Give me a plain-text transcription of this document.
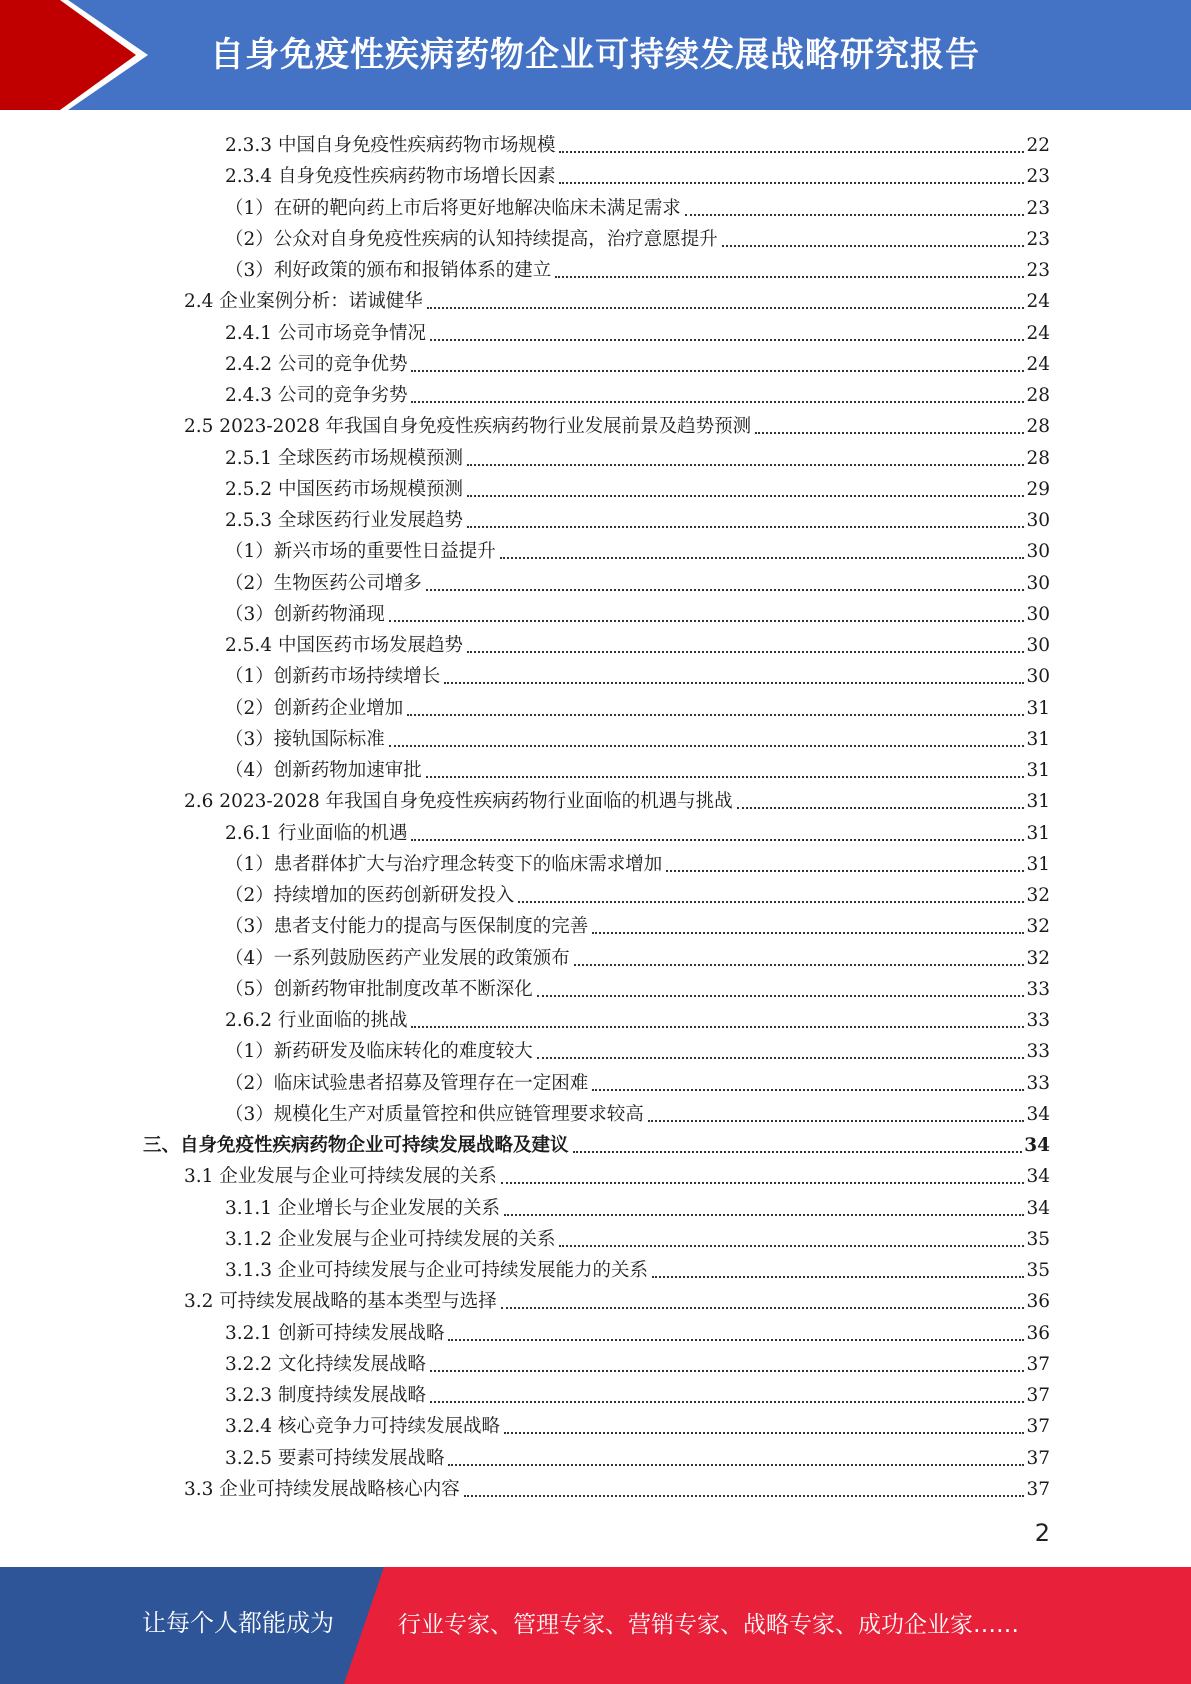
自身免疫性疾病药物企业可持续发展战略研究报告
2.3.3 中国自身免疫性疾病药物市场规模	22
2.3.4 自身免疫性疾病药物市场增长因素	23
（1）在研的靶向药上市后将更好地解决临床未满足需求	23
（2）公众对自身免疫性疾病的认知持续提高，治疗意愿提升	23
（3）利好政策的颁布和报销体系的建立	23
2.4 企业案例分析：诺诚健华	24
2.4.1 公司市场竞争情况	24
2.4.2 公司的竞争优势	24
2.4.3 公司的竞争劣势	28
2.5 2023-2028 年我国自身免疫性疾病药物行业发展前景及趋势预测	28
2.5.1 全球医药市场规模预测	28
2.5.2 中国医药市场规模预测	29
2.5.3 全球医药行业发展趋势	30
（1）新兴市场的重要性日益提升	30
（2）生物医药公司增多	30
（3）创新药物涌现	30
2.5.4 中国医药市场发展趋势	30
（1）创新药市场持续增长	30
（2）创新药企业增加	31
（3）接轨国际标准	31
（4）创新药物加速审批	31
2.6 2023-2028 年我国自身免疫性疾病药物行业面临的机遇与挑战	31
2.6.1 行业面临的机遇	31
（1）患者群体扩大与治疗理念转变下的临床需求增加	31
（2）持续增加的医药创新研发投入	32
（3）患者支付能力的提高与医保制度的完善	32
（4）一系列鼓励医药产业发展的政策颁布	32
（5）创新药物审批制度改革不断深化	33
2.6.2 行业面临的挑战	33
（1）新药研发及临床转化的难度较大	33
（2）临床试验患者招募及管理存在一定困难	33
（3）规模化生产对质量管控和供应链管理要求较高	34
三、自身免疫性疾病药物企业可持续发展战略及建议	34
3.1 企业发展与企业可持续发展的关系	34
3.1.1 企业增长与企业发展的关系	34
3.1.2 企业发展与企业可持续发展的关系	35
3.1.3 企业可持续发展与企业可持续发展能力的关系	35
3.2 可持续发展战略的基本类型与选择	36
3.2.1 创新可持续发展战略	36
3.2.2 文化持续发展战略	37
3.2.3 制度持续发展战略	37
3.2.4 核心竞争力可持续发展战略	37
3.2.5 要素可持续发展战略	37
3.3 企业可持续发展战略核心内容	37
2
让每个人都能成为	行业专家、管理专家、营销专家、战略专家、成功企业家……
